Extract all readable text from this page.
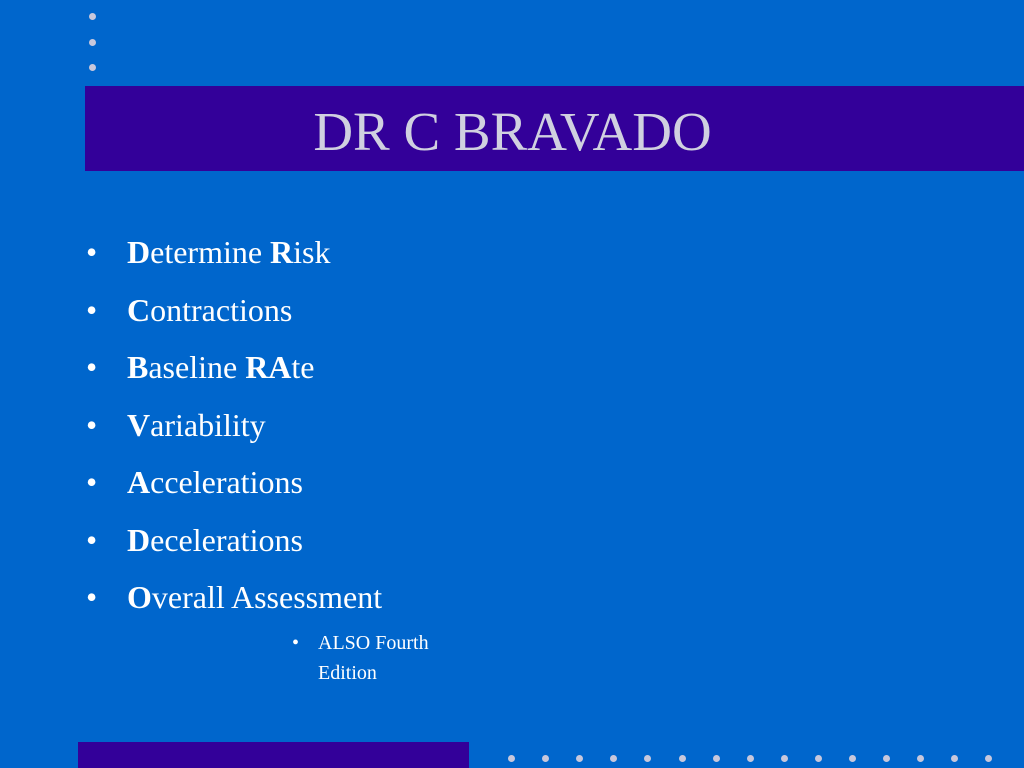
DR C BRAVADO
• Determine Risk
• Contractions
• Baseline RAte
• Variability
• Accelerations
• Decelerations
• Overall Assessment
• ALSO Fourth Edition
